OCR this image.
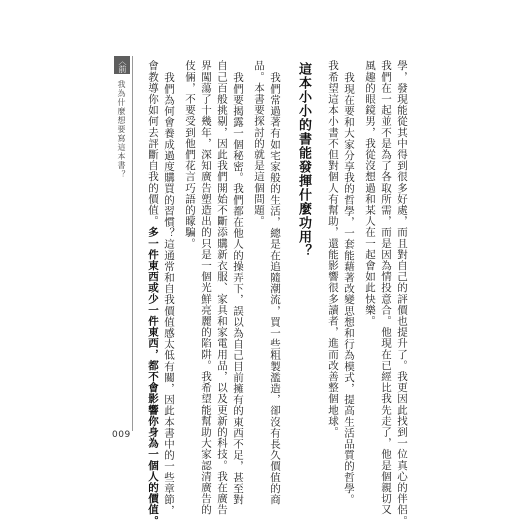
學，發現能從其中得到很多好處，而且對自己的評價也提升了。我更因此找到一位真心的伴侶。
我們在一起並不是為了各取所需，而是因為情投意合。他現在已經比我先走了，他是個親切又
風趣的眼鏡男，我從沒想過和某人在一起會如此快樂。
我現在要和大家分享我的哲學，一套能藉著改變思想和行為模式，提高生活品質的哲學。
我希望這本小書不但對個人有幫助，還能影響很多讀者，進而改善整個地球。
這本小小的書能發揮什麼功用？
我們常過著有如宅家般的生活，總是在追隨潮流，買一些粗製濫造，卻沒有長久價值的商
品。本書要探討的就是這個問題。
我們要揭露一個秘密。我們都在他人的操弄下，誤以為自己目前擁有的東西不足，甚至對
自己百般挑剔，因此我們開始不斷添購新衣服、家具和家電用品，以及更新的科技。我在廣告
界闖蕩了十幾年，深知廣告塑造出的只是一個光鮮亮麗的陷阱。我希望能幫助大家認清廣告的
伎倆，不要受到他們花言巧語的矇騙。
我們為何會養成過度購買的習慣？這通常和自我價值感太低有關，因此本書中的一些章節，
會教導你如何去評斷自我的價值。多一件東西或少一件東西，都不會影響你身為一個人的價值。
〈前言〉
我為什麼想要寫這本書？
009
